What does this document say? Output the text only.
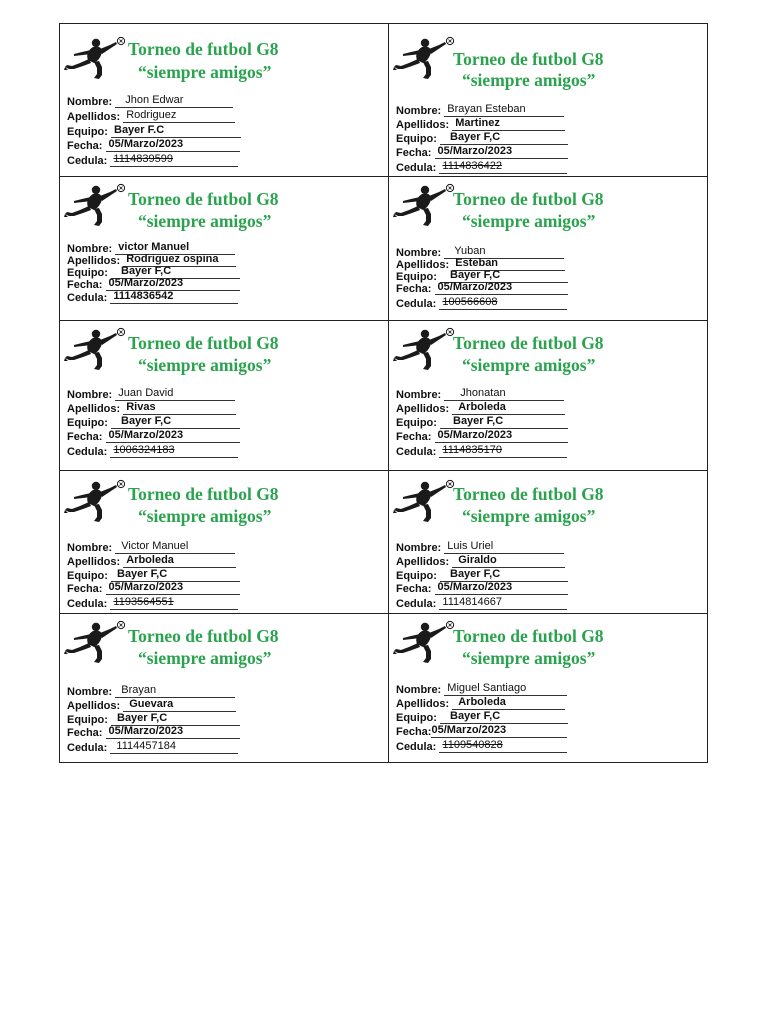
Torneo de futbol G8
“siempre amigos”
Nombre: Jhon Edwar
Apellidos: Rodriguez
Equipo: Bayer F.C
Fecha: 05/Marzo/2023
Cedula: 1114839599
Torneo de futbol G8
“siempre amigos”
Nombre: Brayan Esteban
Apellidos: Martinez
Equipo: Bayer F,C
Fecha: 05/Marzo/2023
Cedula: 1114836422
Torneo de futbol G8
“siempre amigos”
Nombre: victor Manuel
Apellidos: Rodriguez ospina
Equipo: Bayer F,C
Fecha: 05/Marzo/2023
Cedula: 1114836542
Torneo de futbol G8
“siempre amigos”
Nombre: Yuban
Apellidos: Esteban
Equipo: Bayer F,C
Fecha: 05/Marzo/2023
Cedula: 100566608
Torneo de futbol G8
“siempre amigos”
Nombre: Juan David
Apellidos: Rivas
Equipo: Bayer F,C
Fecha: 05/Marzo/2023
Cedula: 1006324183
Torneo de futbol G8
“siempre amigos”
Nombre: Jhonatan
Apellidos: Arboleda
Equipo: Bayer F,C
Fecha: 05/Marzo/2023
Cedula: 1114835170
Torneo de futbol G8
“siempre amigos”
Nombre: Victor Manuel
Apellidos: Arboleda
Equipo: Bayer F,C
Fecha: 05/Marzo/2023
Cedula: 1193564551
Torneo de futbol G8
“siempre amigos”
Nombre: Luis Uriel
Apellidos: Giraldo
Equipo: Bayer F,C
Fecha: 05/Marzo/2023
Cedula: 1114814667
Torneo de futbol G8
“siempre amigos”
Nombre: Brayan
Apellidos: Guevara
Equipo: Bayer F,C
Fecha: 05/Marzo/2023
Cedula: 1114457184
Torneo de futbol G8
“siempre amigos”
Nombre: Miguel Santiago
Apellidos: Arboleda
Equipo: Bayer F,C
Fecha:05/Marzo/2023
Cedula: 1109540828
